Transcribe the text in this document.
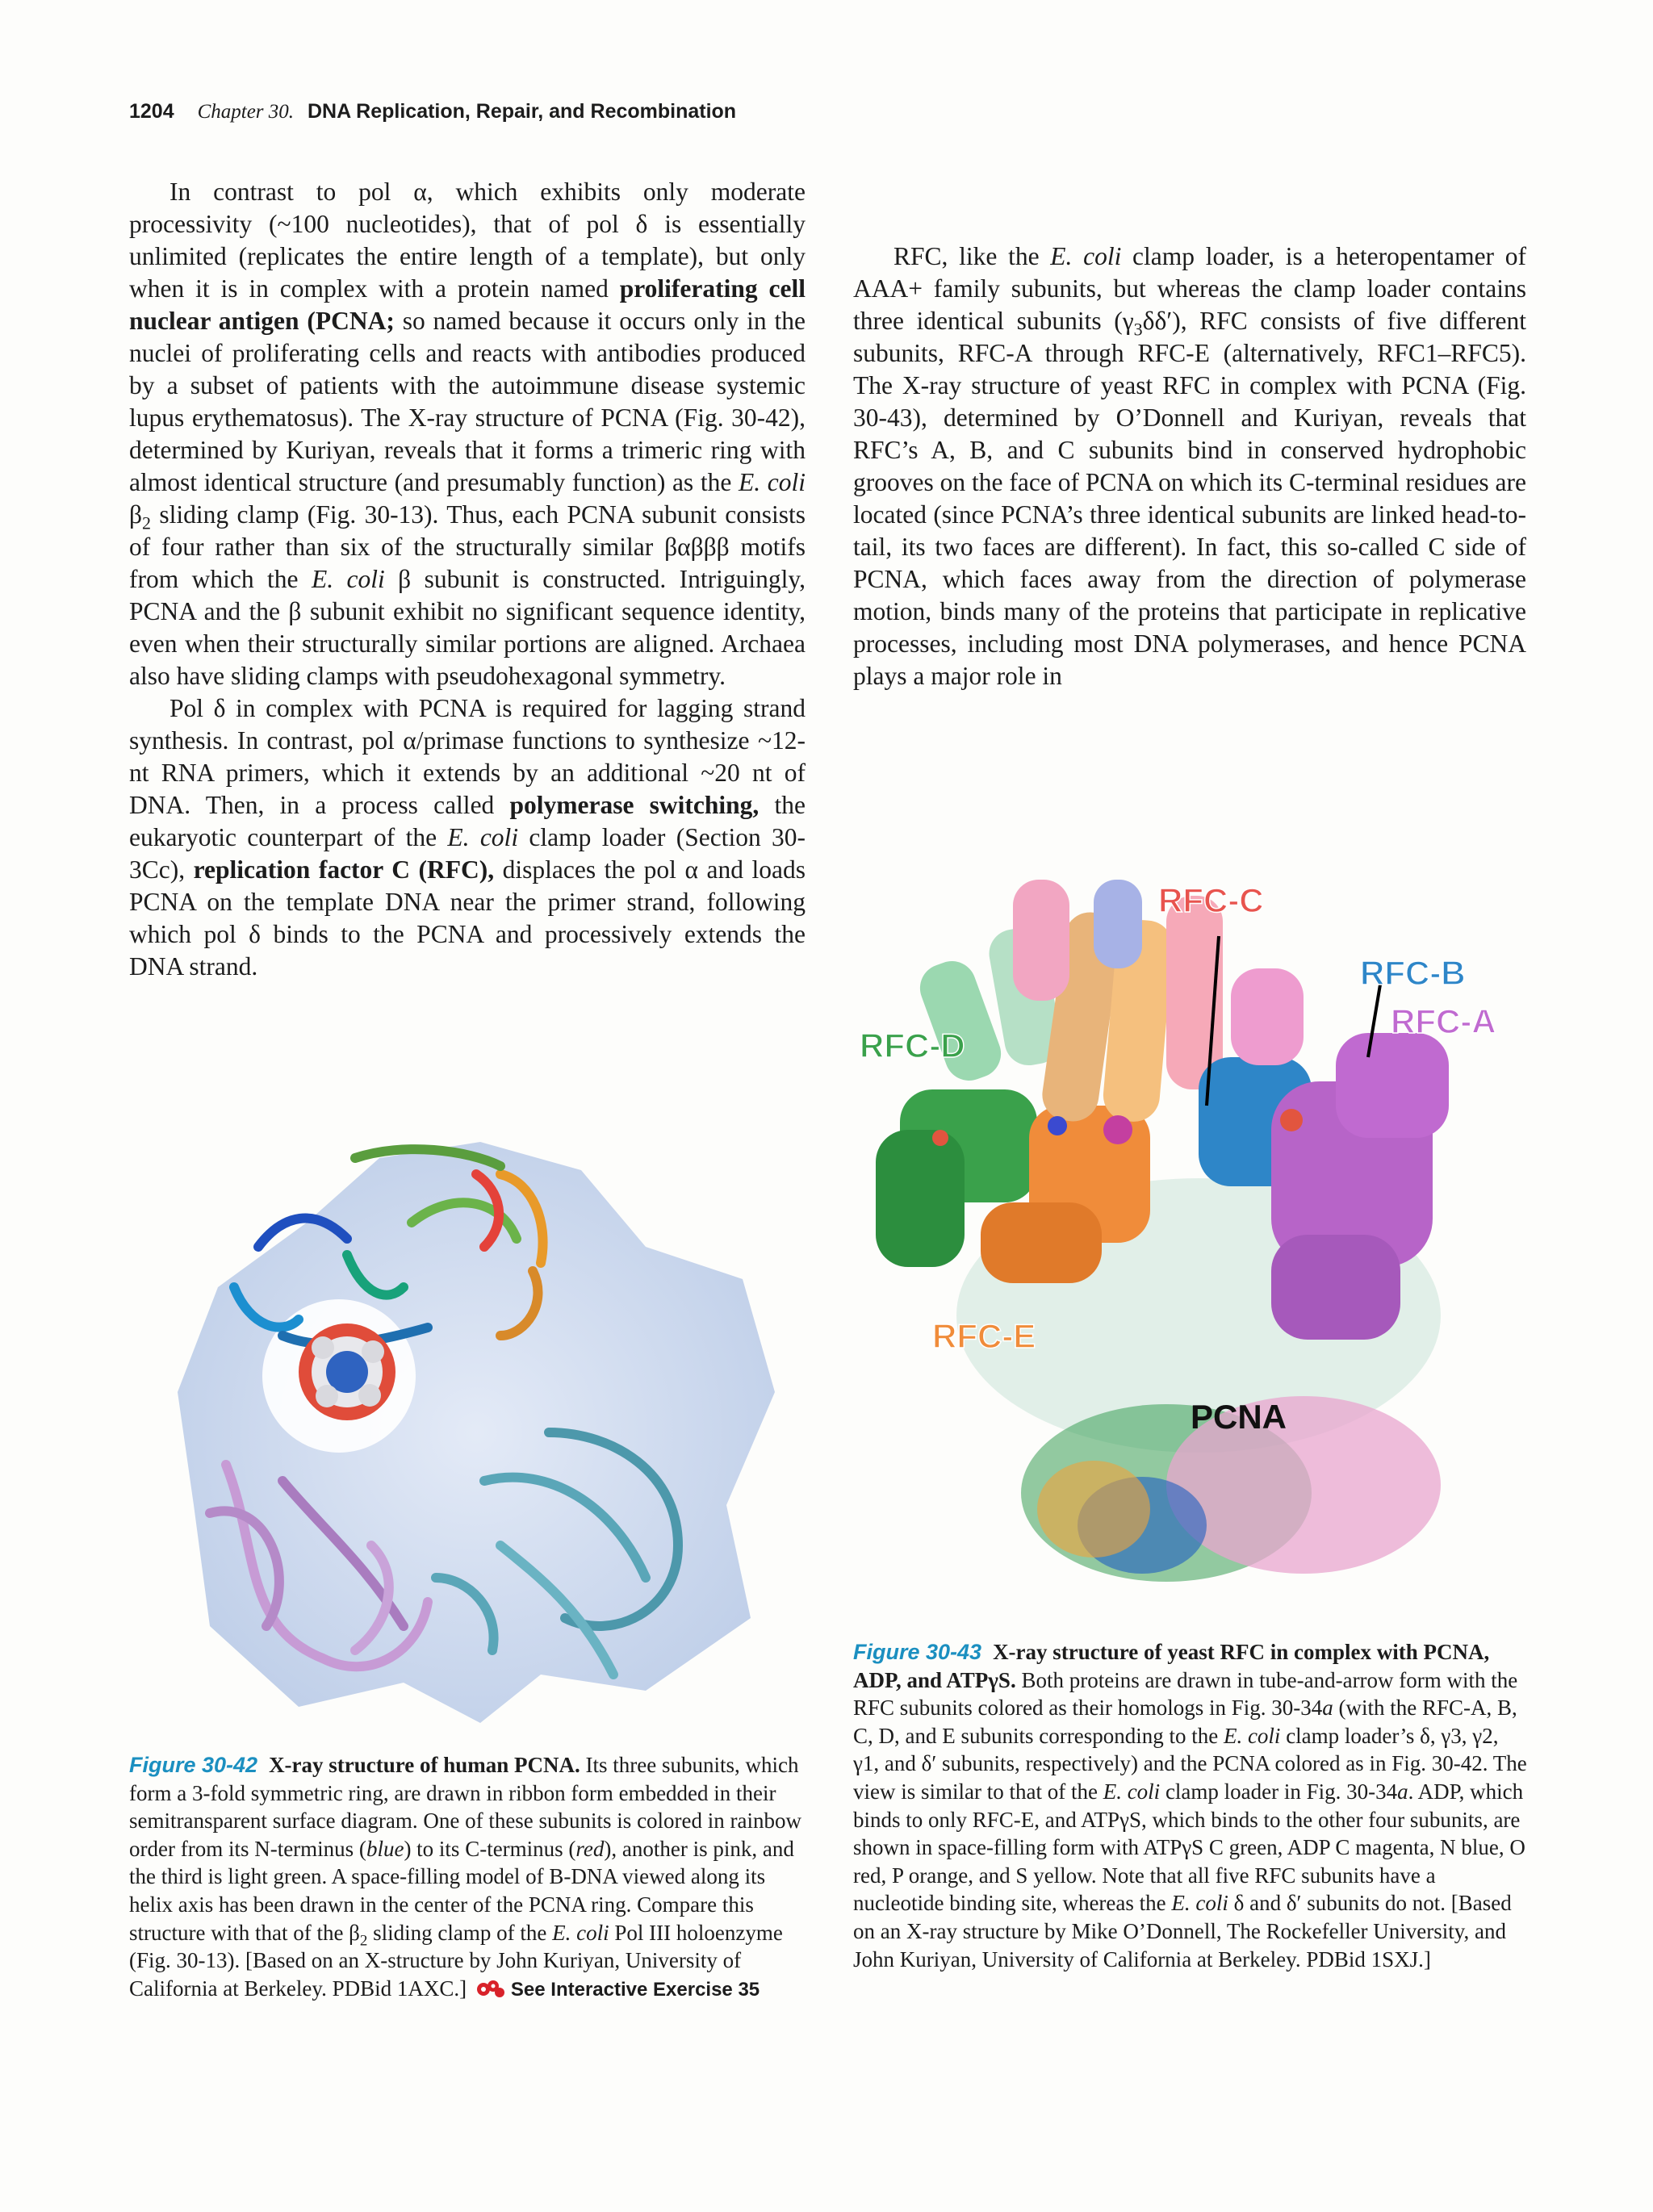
1204 Chapter 30. DNA Replication, Repair, and Recombination

In contrast to pol α, which exhibits only moderate processivity (~100 nucleotides), that of pol δ is essentially unlimited (replicates the entire length of a template), but only when it is in complex with a protein named proliferating cell nuclear antigen (PCNA; so named because it occurs only in the nuclei of proliferating cells and reacts with antibodies produced by a subset of patients with the autoimmune disease systemic lupus erythematosus). The X-ray structure of PCNA (Fig. 30-42), determined by Kuriyan, reveals that it forms a trimeric ring with almost identical structure (and presumably function) as the E. coli $\beta_2$ sliding clamp (Fig. 30-13). Thus, each PCNA subunit consists of four rather than six of the structurally similar βαβββ motifs from which the E. coli β subunit is constructed. Intriguingly, PCNA and the β subunit exhibit no significant sequence identity, even when their structurally similar portions are aligned. Archaea also have sliding clamps with pseudohexagonal symmetry.

Pol δ in complex with PCNA is required for lagging strand synthesis. In contrast, pol α/primase functions to synthesize ~12-nt RNA primers, which it extends by an additional ~20 nt of DNA. Then, in a process called polymerase switching, the eukaryotic counterpart of the E. coli clamp loader (Section 30-3Cc), replication factor C (RFC), displaces the pol α and loads PCNA on the template DNA near the primer strand, following which pol δ binds to the PCNA and processively extends the DNA strand.

RFC, like the E. coli clamp loader, is a heteropentamer of AAA+ family subunits, but whereas the clamp loader contains three identical subunits $(\gamma_3\delta\delta')$, RFC consists of five different subunits, RFC-A through RFC-E (alternatively, RFC1–RFC5). The X-ray structure of yeast RFC in complex with PCNA (Fig. 30-43), determined by O’Donnell and Kuriyan, reveals that RFC’s A, B, and C subunits bind in conserved hydrophobic grooves on the face of PCNA on which its C-terminal residues are located (since PCNA’s three identical subunits are linked head-to-tail, its two faces are different). In fact, this so-called C side of PCNA, which faces away from the direction of polymerase motion, binds many of the proteins that participate in replicative processes, including most DNA polymerases, and hence PCNA plays a major role in

RFC-C
RFC-B
RFC-A
RFC-D
RFC-E
PCNA
Figure 30-42 X-ray structure of human PCNA. Its three subunits, which form a 3-fold symmetric ring, are drawn in ribbon form embedded in their semitransparent surface diagram. One of these subunits is colored in rainbow order from its N-terminus (blue) to its C-terminus (red), another is pink, and the third is light green. A space-filling model of B-DNA viewed along its helix axis has been drawn in the center of the PCNA ring. Compare this structure with that of the $\beta_2$ sliding clamp of the E. coli Pol III holoenzyme (Fig. 30-13). [Based on an X-structure by John Kuriyan, University of California at Berkeley. PDBid 1AXC.] See Interactive Exercise 35
Figure 30-43 X-ray structure of yeast RFC in complex with PCNA, ADP, and ATPγS. Both proteins are drawn in tube-and-arrow form with the RFC subunits colored as their homologs in Fig. 30-34a (with the RFC-A, B, C, D, and E subunits corresponding to the E. coli clamp loader’s δ, γ3, γ2, γ1, and δ′ subunits, respectively) and the PCNA colored as in Fig. 30-42. The view is similar to that of the E. coli clamp loader in Fig. 30-34a. ADP, which binds to only RFC-E, and ATPγS, which binds to the other four subunits, are shown in space-filling form with ATPγS C green, ADP C magenta, N blue, O red, P orange, and S yellow. Note that all five RFC subunits have a nucleotide binding site, whereas the E. coli δ and δ′ subunits do not. [Based on an X-ray structure by Mike O’Donnell, The Rockefeller University, and John Kuriyan, University of California at Berkeley. PDBid 1SXJ.]
